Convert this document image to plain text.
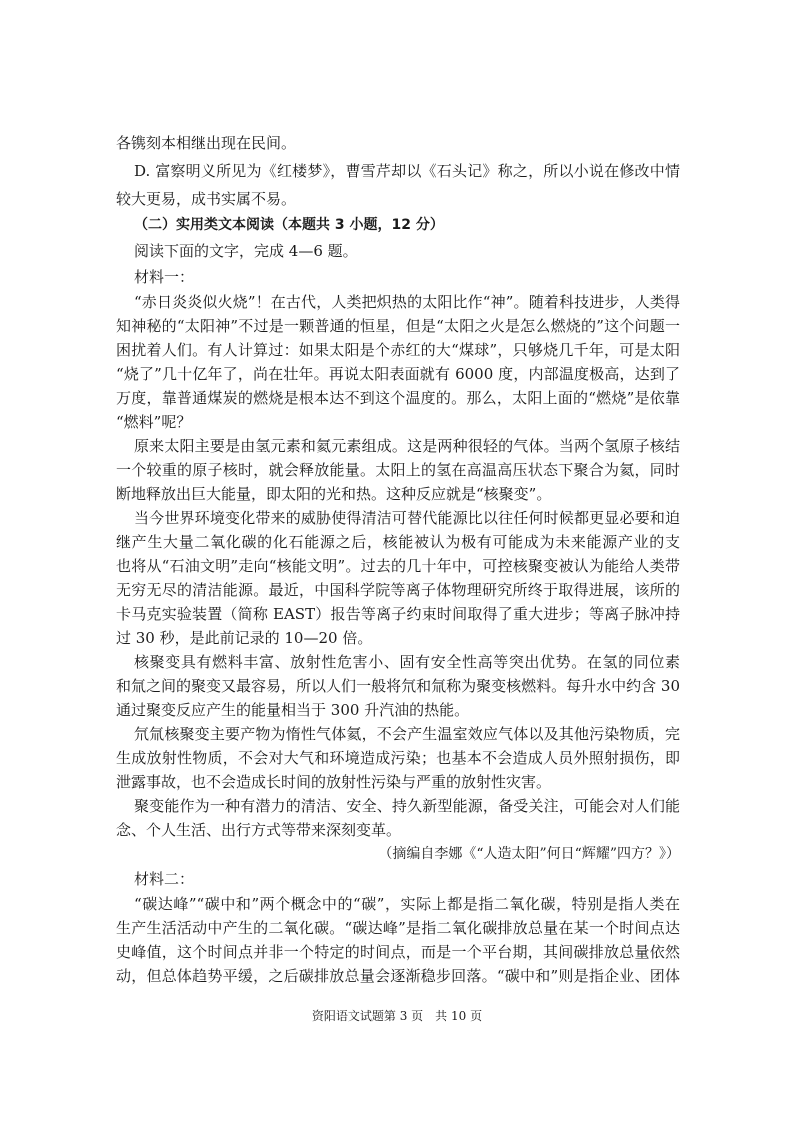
各镌刻本相继出现在民间。
D. 富察明义所见为《红楼梦》，曹雪芹却以《石头记》称之，所以小说在修改中情
较大更易，成书实属不易。
（二）实用类文本阅读（本题共 3 小题，12 分）
阅读下面的文字，完成 4—6 题。
材料一：
“赤日炎炎似火烧”！在古代，人类把炽热的太阳比作“神”。随着科技进步，人类得
知神秘的“太阳神”不过是一颗普通的恒星，但是“太阳之火是怎么燃烧的”这个问题一
困扰着人们。有人计算过：如果太阳是个赤红的大“煤球”，只够烧几千年，可是太阳
“烧了”几十亿年了，尚在壮年。再说太阳表面就有 6000 度，内部温度极高，达到了
万度，靠普通煤炭的燃烧是根本达不到这个温度的。那么，太阳上面的“燃烧”是依靠
“燃料”呢？
原来太阳主要是由氢元素和氦元素组成。这是两种很轻的气体。当两个氢原子核结
一个较重的原子核时，就会释放能量。太阳上的氢在高温高压状态下聚合为氦，同时
断地释放出巨大能量，即太阳的光和热。这种反应就是“核聚变”。
当今世界环境变化带来的威胁使得清洁可替代能源比以往任何时候都更显必要和迫
继产生大量二氧化碳的化石能源之后，核能被认为极有可能成为未来能源产业的支
也将从“石油文明”走向“核能文明”。过去的几十年中，可控核聚变被认为能给人类带
无穷无尽的清洁能源。最近，中国科学院等离子体物理研究所终于取得进展，该所的
卡马克实验装置（简称 EAST）报告等离子约束时间取得了重大进步；等离子脉冲持
过 30 秒，是此前记录的 10—20 倍。
核聚变具有燃料丰富、放射性危害小、固有安全性高等突出优势。在氢的同位素
和氚之间的聚变又最容易，所以人们一般将氘和氚称为聚变核燃料。每升水中约含 30
通过聚变反应产生的能量相当于 300 升汽油的热能。
氘氚核聚变主要产物为惰性气体氦，不会产生温室效应气体以及其他污染物质，完
生成放射性物质，不会对大气和环境造成污染；也基本不会造成人员外照射损伤，即
泄露事故，也不会造成长时间的放射性污染与严重的放射性灾害。
聚变能作为一种有潜力的清洁、安全、持久新型能源，备受关注，可能会对人们能
念、个人生活、出行方式等带来深刻变革。
（摘编自李娜《“人造太阳”何日“辉耀”四方？》）
材料二：
“碳达峰”“碳中和”两个概念中的“碳”，实际上都是指二氧化碳，特别是指人类在
生产生活活动中产生的二氧化碳。“碳达峰”是指二氧化碳排放总量在某一个时间点达
史峰值，这个时间点并非一个特定的时间点，而是一个平台期，其间碳排放总量依然
动，但总体趋势平缓，之后碳排放总量会逐渐稳步回落。“碳中和”则是指企业、团体
资阳语文试题第 3 页　共 10 页
